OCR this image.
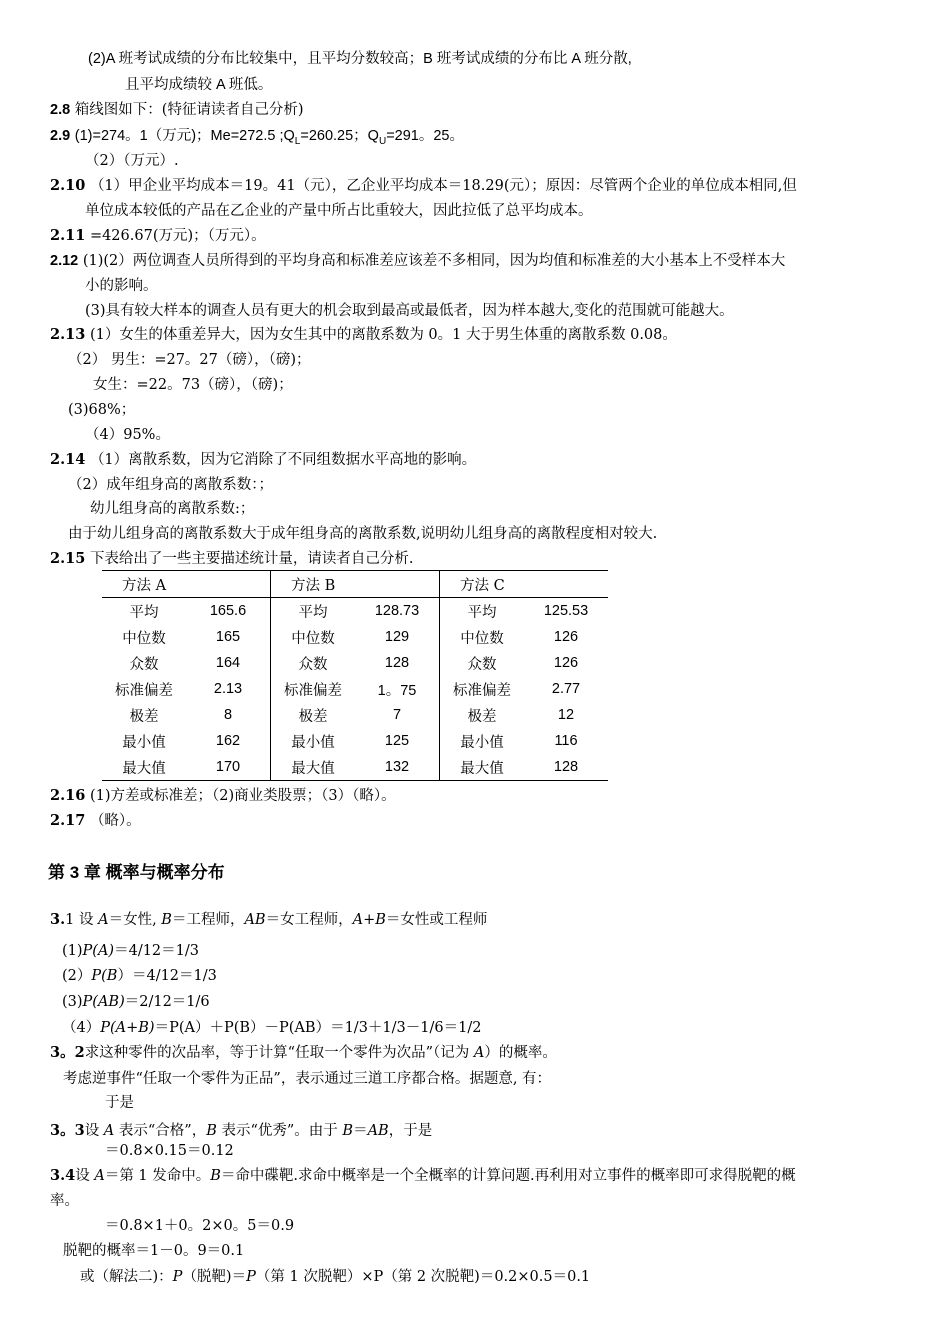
(2)A 班考试成绩的分布比较集中，且平均分数较高；B 班考试成绩的分布比 A 班分散,
且平均成绩较 A 班低。
2.8 箱线图如下：(特征请读者自己分析)
2.9 (1)=274。1（万元)；Me=272.5 $;Q_L=260.25$；$Q_U=291$。25。
（2）（万元）.
2.10 （1）甲企业平均成本＝19。41（元），乙企业平均成本＝18.29(元）；原因：尽管两个企业的单位成本相同,但
单位成本较低的产品在乙企业的产量中所占比重较大，因此拉低了总平均成本。
2.11 =426.67(万元)；（万元）。
2.12 (1)(2）两位调查人员所得到的平均身高和标准差应该差不多相同，因为均值和标准差的大小基本上不受样本大
小的影响。
(3)具有较大样本的调查人员有更大的机会取到最高或最低者，因为样本越大,变化的范围就可能越大。
2.13 (1）女生的体重差异大，因为女生其中的离散系数为 0。1 大于男生体重的离散系数 0.08。
（2） 男生：=27。27（磅），（磅)；
女生：=22。73（磅），（磅)；
(3)68%；
（4）95%。
2.14 （1）离散系数，因为它消除了不同组数据水平高地的影响。
（2）成年组身高的离散系数：；
幼儿组身高的离散系数:；
由于幼儿组身高的离散系数大于成年组身高的离散系数,说明幼儿组身高的离散程度相对较大.
2.15 下表给出了一些主要描述统计量，请读者自己分析.
方法 A		方法 B		方法 C	
平均	165.6	平均	128.73	平均	125.53
中位数	165	中位数	129	中位数	126
众数	164	众数	128	众数	126
标准偏差	2.13	标准偏差	1。75	标准偏差	2.77
极差	8	极差	7	极差	12
最小值	162	最小值	125	最小值	116
最大值	170	最大值	132	最大值	128
2.16 (1)方差或标准差；（2)商业类股票；（3）（略）。
2.17 （略）。
第 3 章 概率与概率分布
3.1 设 A＝女性, B＝工程师，AB＝女工程师，A+B＝女性或工程师
(1)P(A)＝4/12＝1/3
(2）P(B）＝4/12＝1/3
(3)P(AB)＝2/12＝1/6
（4）P(A+B)＝P(A）＋P(B）－P(AB）＝1/3＋1/3－1/6＝1/2
3。2求这种零件的次品率，等于计算“任取一个零件为次品”（记为 A）的概率。
考虑逆事件“任取一个零件为正品”，表示通过三道工序都合格。据题意, 有：
于是
3。3设 A 表示“合格”，B 表示“优秀”。由于 B＝AB，于是
＝0.8×0.15＝0.12
3.4设 A＝第 1 发命中。B＝命中碟靶.求命中概率是一个全概率的计算问题.再利用对立事件的概率即可求得脱靶的概
率。
＝0.8×1＋0。2×0。5＝0.9
脱靶的概率＝1－0。9＝0.1
或（解法二)：P（脱靶)＝P（第 1 次脱靶）×P（第 2 次脱靶)＝0.2×0.5＝0.1
